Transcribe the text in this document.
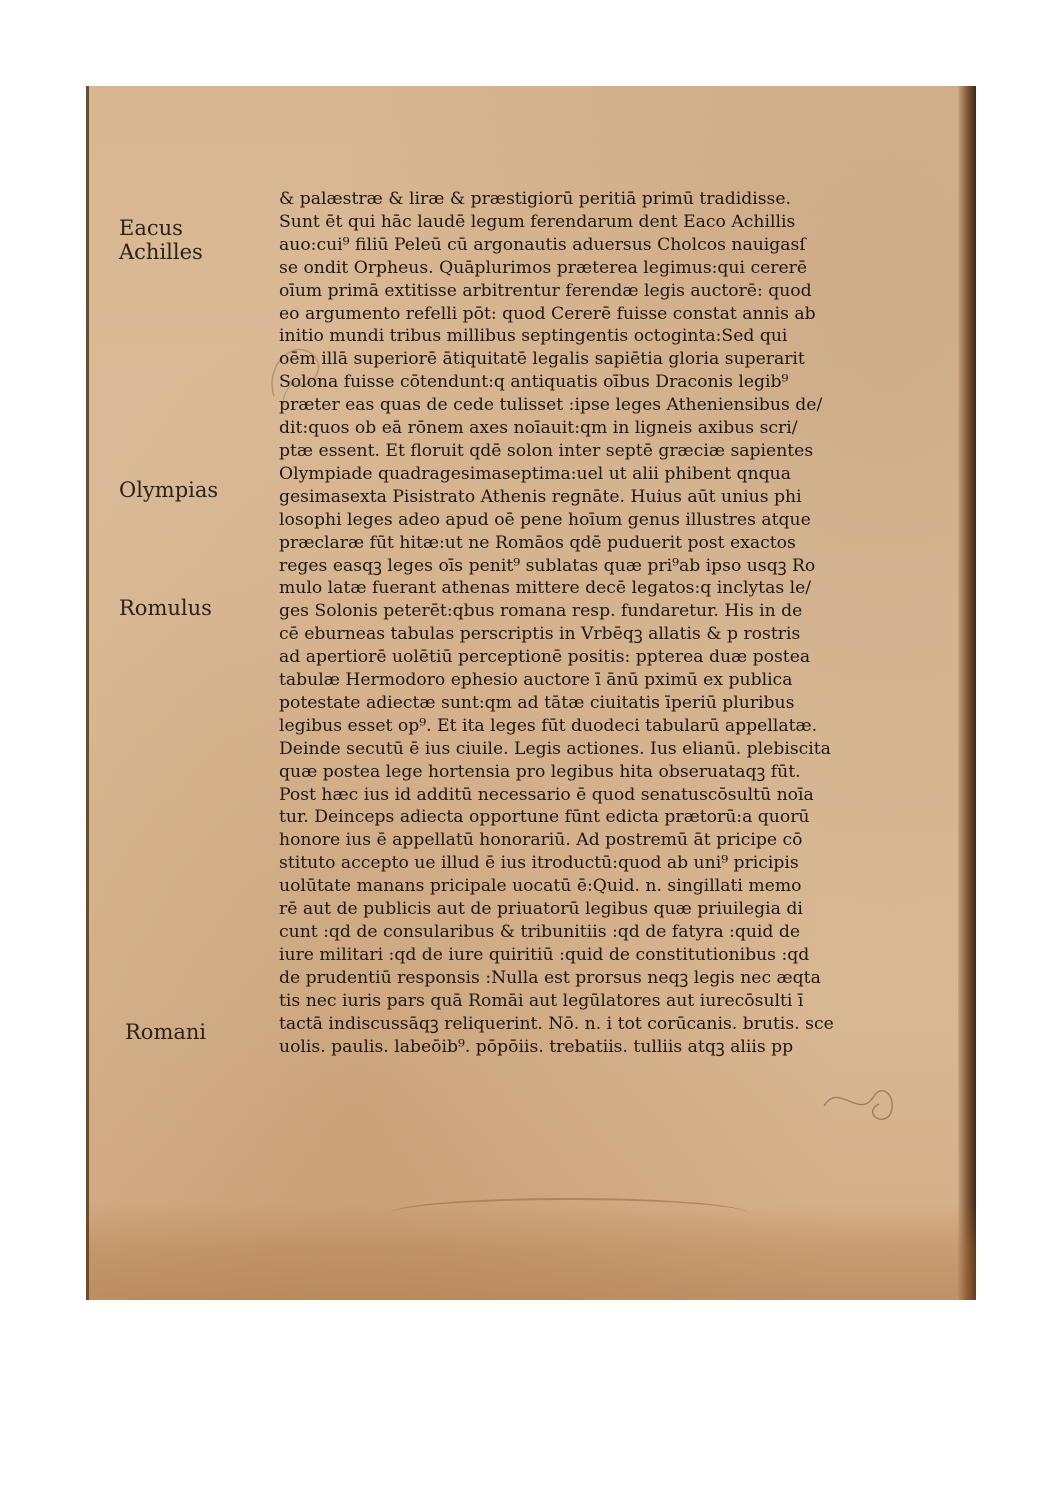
Eacus
Achilles
Olympias
Romulus
Romani
& palæstræ & liræ & præstigiorū peritiā primū tradidisse.
Sunt ēt qui hāc laudē legum ferendarum dent Eaco Achillis
auo:cui⁹ filiū Peleū cū argonautis aduersus Cholcos nauigasſ
se ondit Orpheus. Quāplurimos præterea legimus:qui cererē
oīum primā extitisse arbitrentur ferendæ legis auctorē: quod
eo argumento refelli pōt: quod Cererē fuisse constat annis ab
initio mundi tribus millibus septingentis octoginta:Sed qui
oēm illā superiorē ātiquitatē legalis sapiētia gloria superarit
Solona fuisse cōtendunt:q antiquatis oībus Draconis legib⁹
præter eas quas de cede tulisset :ipse leges Atheniensibus de/
dit:quos ob eā rōnem axes noīauit:qm in ligneis axibus scri/
ptæ essent. Et floruit qdē solon inter septē græciæ sapientes
Olympiade quadragesimaseptima:uel ut alii phibent qnqua
gesimasexta Pisistrato Athenis regnāte. Huius aūt unius phi
losophi leges adeo apud oē pene hoīum genus illustres atque
præclaræ fūt hitæ:ut ne Romāos qdē puduerit post exactos
reges easqꝫ leges oīs penit⁹ sublatas quæ pri⁹ab ipso usqꝫ Ro
mulo latæ fuerant athenas mittere decē legatos:q inclytas le/
ges Solonis peterēt:qbus romana resp. fundaretur. His in de
cē eburneas tabulas perscriptis in Vrbēqꝫ allatis & p rostris
ad apertiorē uolētiū perceptionē positis: ppterea duæ postea
tabulæ Hermodoro ephesio auctore ī ānū pximū ex publica
potestate adiectæ sunt:qm ad tātæ ciuitatis īperiū pluribus
legibus esset op⁹. Et ita leges fūt duodeci tabularū appellatæ.
Deinde secutū ē ius ciuile. Legis actiones. Ius elianū. plebiscita
quæ postea lege hortensia pro legibus hita obseruataqꝫ fūt.
Post hæc ius id additū necessario ē quod senatuscōsultū noīa
tur. Deinceps adiecta opportune fūnt edicta prætorū:a quorū
honore ius ē appellatū honorariū. Ad postremū āt pricipe cō
stituto accepto ue illud ē ius itroductū:quod ab uni⁹ pricipis
uolūtate manans pricipale uocatū ē:Quid. n. singillati memo
rē aut de publicis aut de priuatorū legibus quæ priuilegia di
cunt :qd de consularibus & tribunitiis :qd de fatyra :quid de
iure militari :qd de iure quiritiū :quid de constitutionibus :qd
de prudentiū responsis :Nulla est prorsus neqꝫ legis nec æqta
tis nec iuris pars quā Romāi aut legūlatores aut iurecōsulti ī
tactā indiscussāqꝫ reliquerint. Nō. n. i tot corūcanis. brutis. sce
uolis. paulis. labeōib⁹. pōpōiis. trebatiis. tulliis atqꝫ aliis pp
